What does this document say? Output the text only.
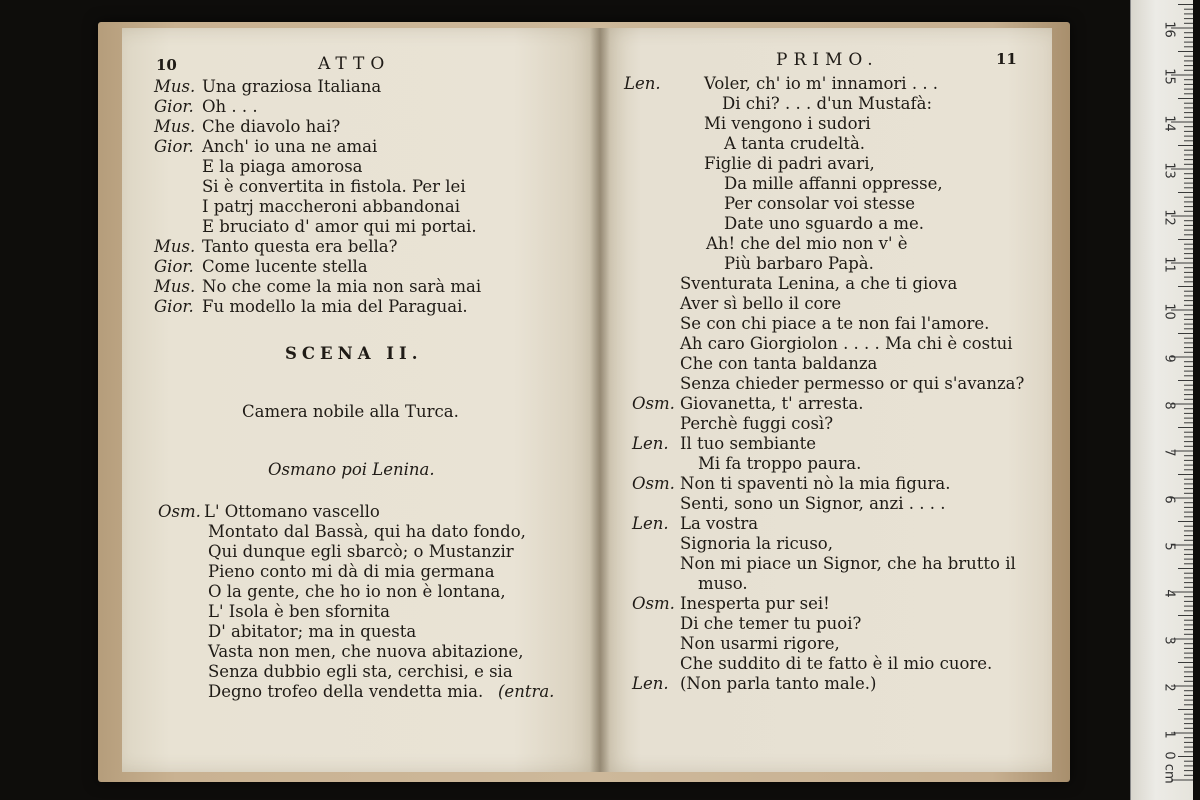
10	ATTO
Mus. Una graziosa Italiana
Gior. Oh . . .
Mus. Che diavolo hai?
Gior. Anch' io una ne amai
E la piaga amorosa
Si è convertita in fistola. Per lei
I patrj maccheroni abbandonai
E bruciato d' amor qui mi portai.
Mus. Tanto questa era bella?
Gior. Come lucente stella
Mus. No che come la mia non sarà mai
Gior. Fu modello la mia del Paraguai.
SCENA II.
Camera nobile alla Turca.
Osmano poi Lenina.
Osm. L' Ottomano vascello
Montato dal Bassà, qui ha dato fondo,
Qui dunque egli sbarcò; o Mustanzir
Pieno conto mi dà di mia germana
O la gente, che ho io non è lontana,
L' Isola è ben sfornita
D' abitator; ma in questa
Vasta non men, che nuova abitazione,
Senza dubbio egli sta, cerchisi, e sia
Degno trofeo della vendetta mia. (entra.
PRIMO.	11
Len.	Voler, ch' io m' innamori . . .
Di chi? . . . d'un Mustafà:
Mi vengono i sudori
A tanta crudeltà.
Figlie di padri avari,
Da mille affanni oppresse,
Per consolar voi stesse
Date uno sguardo a me.
Ah! che del mio non v' è
Più barbaro Papà.
Sventurata Lenina, a che ti giova
Aver sì bello il core
Se con chi piace a te non fai l'amore.
Ah caro Giorgiolon . . . . Ma chi è costui
Che con tanta baldanza
Senza chieder permesso or qui s'avanza?
Osm. Giovanetta, t' arresta.
Perchè fuggi così?
Len. Il tuo sembiante
Mi fa troppo paura.
Osm. Non ti spaventi nò la mia figura.
Senti, sono un Signor, anzi . . . .
Len. La vostra
Signoria la ricuso,
Non mi piace un Signor, che ha brutto il
muso.
Osm. Inesperta pur sei!
Di che temer tu puoi?
Non usarmi rigore,
Che suddito di te fatto è il mio cuore.
Len. (Non parla tanto male.)
0 cm
1
2
3
4
5
6
7
8
9
10
11
12
13
14
15
16
